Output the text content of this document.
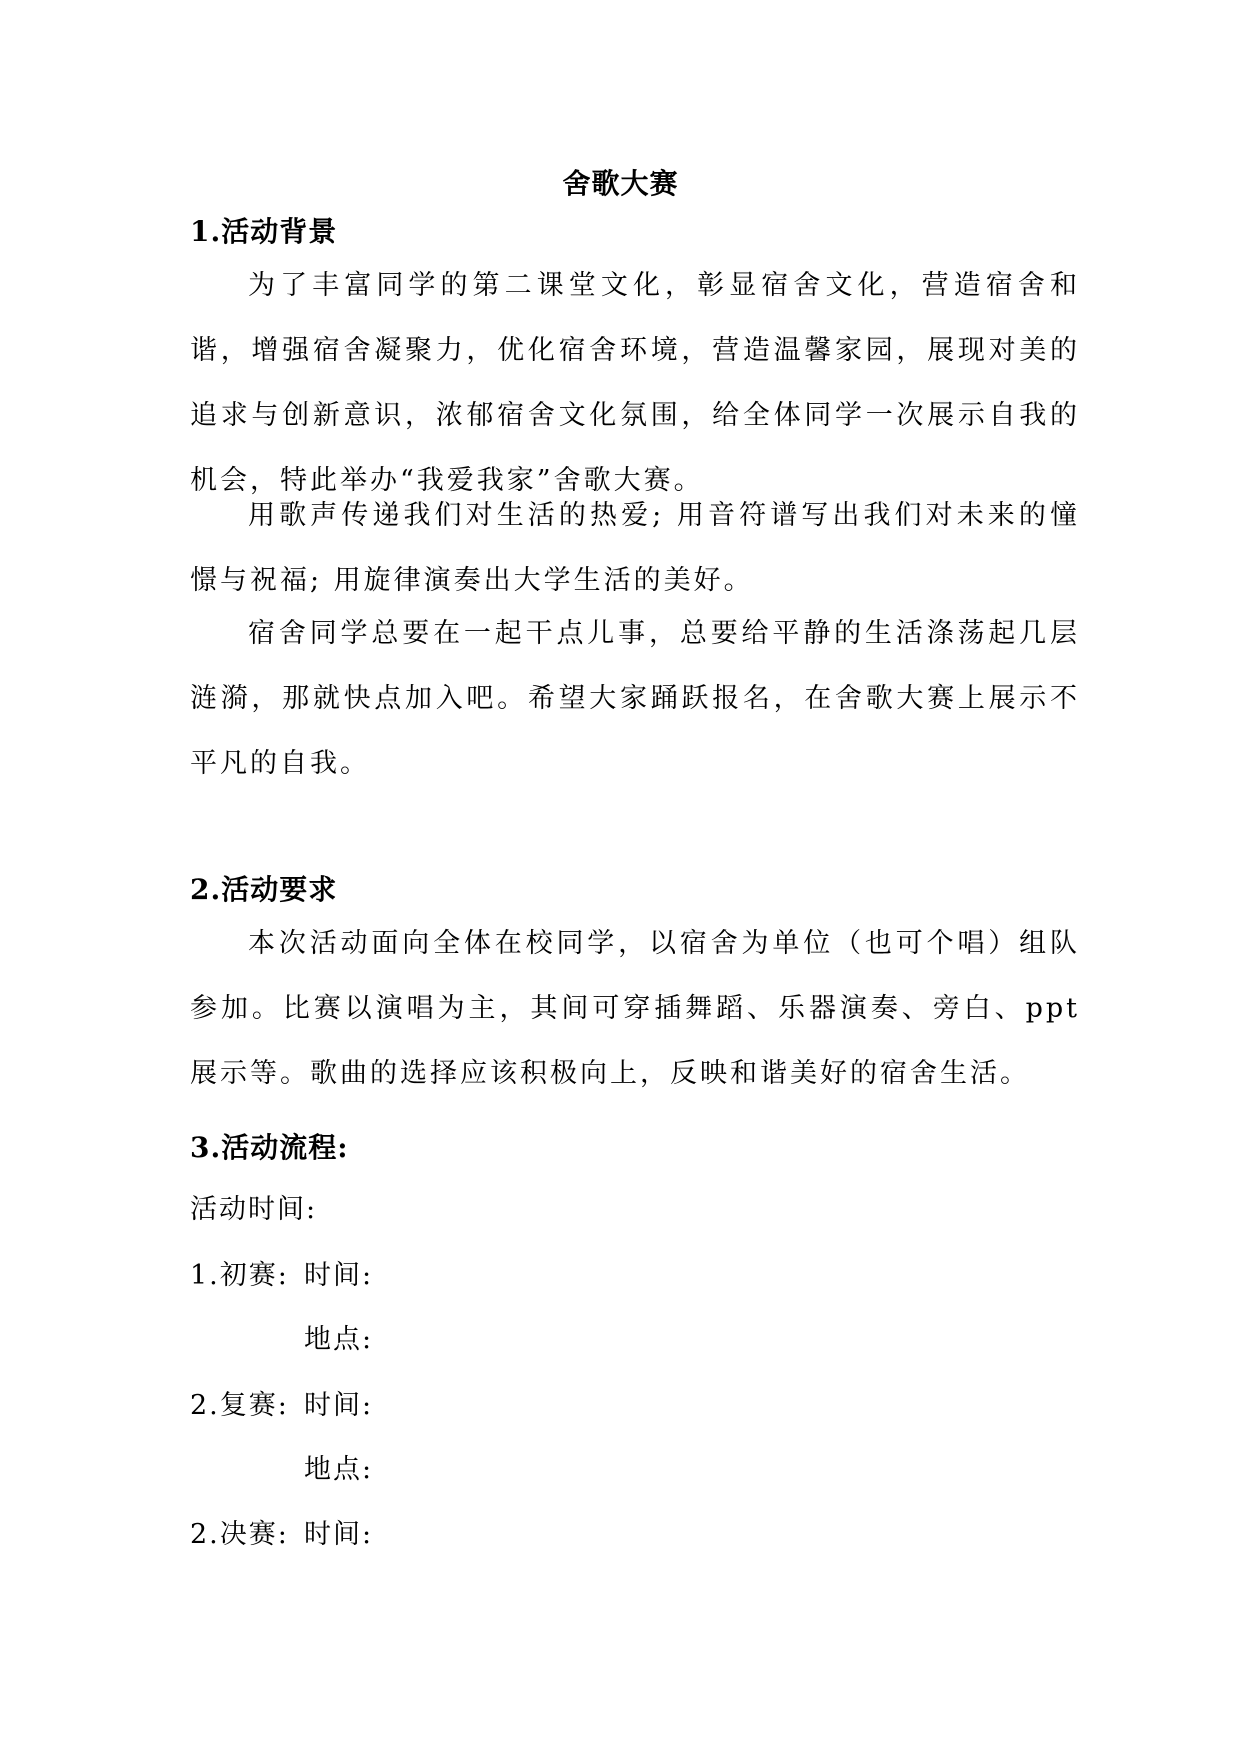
舍歌大赛
1.活动背景

为了丰富同学的第二课堂文化，彰显宿舍文化，营造宿舍和谐，增强宿舍凝聚力，优化宿舍环境，营造温馨家园，展现对美的追求与创新意识，浓郁宿舍文化氛围，给全体同学一次展示自我的机会，特此举办“我爱我家”舍歌大赛。

用歌声传递我们对生活的热爱; 用音符谱写出我们对未来的憧憬与祝福; 用旋律演奏出大学生活的美好。

宿舍同学总要在一起干点儿事，总要给平静的生活涤荡起几层涟漪，那就快点加入吧。希望大家踊跃报名，在舍歌大赛上展示不平凡的自我。

2.活动要求

本次活动面向全体在校同学，以宿舍为单位（也可个唱）组队参加。比赛以演唱为主，其间可穿插舞蹈、乐器演奏、旁白、ppt 展示等。歌曲的选择应该积极向上，反映和谐美好的宿舍生活。

3.活动流程:
活动时间:
1.初赛: 时间:
地点:
2.复赛: 时间:
地点:
2.决赛: 时间:
